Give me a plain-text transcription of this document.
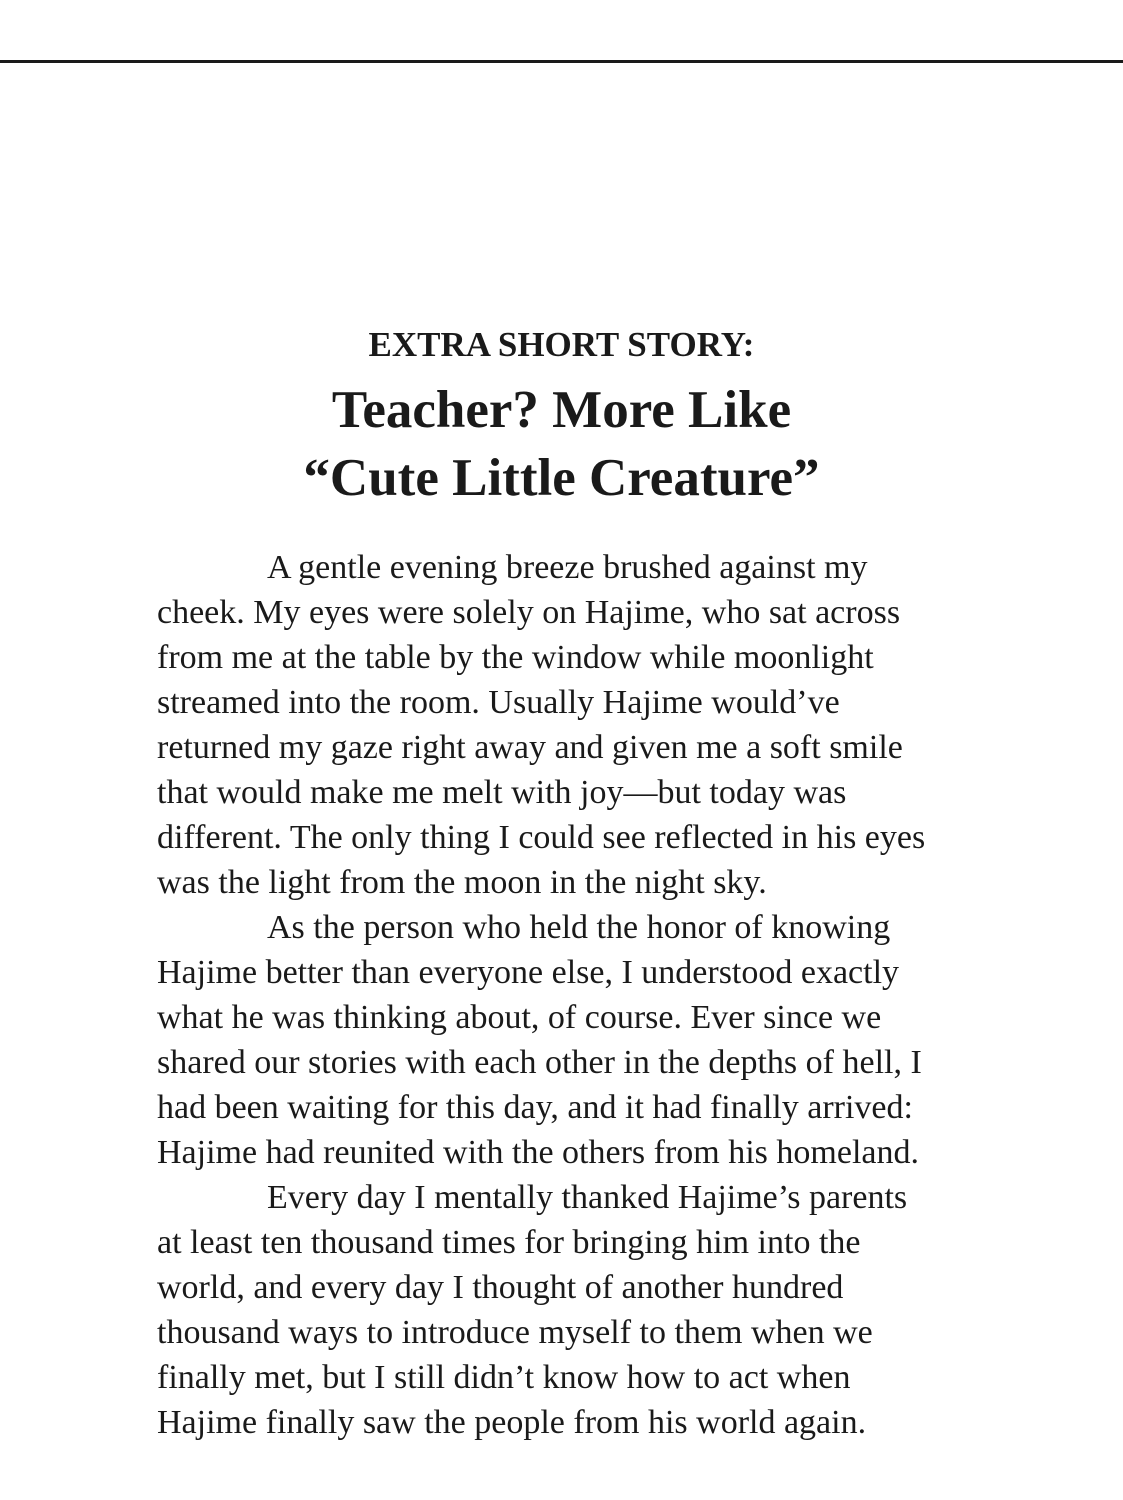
EXTRA SHORT STORY:

Teacher? More Like

“Cute Little Creature”

A gentle evening breeze brushed against my
cheek. My eyes were solely on Hajime, who sat across
from me at the table by the window while moonlight
streamed into the room. Usually Hajime would’ve
returned my gaze right away and given me a soft smile
that would make me melt with joy—but today was
different. The only thing I could see reflected in his eyes
was the light from the moon in the night sky.

As the person who held the honor of knowing
Hajime better than everyone else, I understood exactly
what he was thinking about, of course. Ever since we
shared our stories with each other in the depths of hell, I
had been waiting for this day, and it had finally arrived:
Hajime had reunited with the others from his homeland.

Every day I mentally thanked Hajime’s parents
at least ten thousand times for bringing him into the
world, and every day I thought of another hundred
thousand ways to introduce myself to them when we
finally met, but I still didn’t know how to act when
Hajime finally saw the people from his world again.
